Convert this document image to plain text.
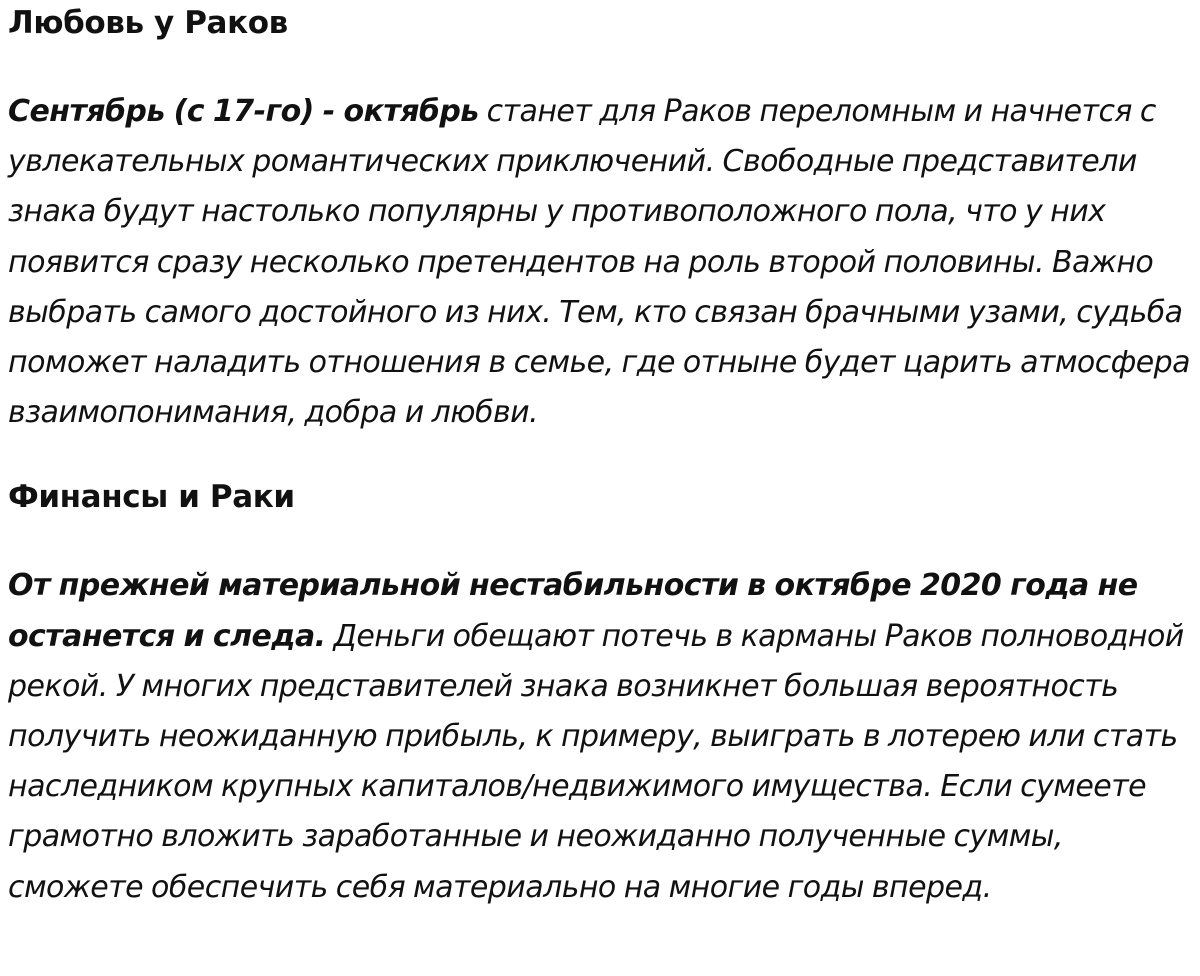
Любовь у Раков

Сентябрь (с 17-го) - октябрь станет для Раков переломным и начнется с увлекательных романтических приключений. Свободные представители знака будут настолько популярны у противоположного пола, что у них появится сразу несколько претендентов на роль второй половины. Важно выбрать самого достойного из них. Тем, кто связан брачными узами, судьба поможет наладить отношения в семье, где отныне будет царить атмосфера взаимопонимания, добра и любви.

Финансы и Раки

От прежней материальной нестабильности в октябре 2020 года не останется и следа. Деньги обещают потечь в карманы Раков полноводной рекой. У многих представителей знака возникнет большая вероятность получить неожиданную прибыль, к примеру, выиграть в лотерею или стать наследником крупных капиталов/недвижимого имущества. Если сумеете грамотно вложить заработанные и неожиданно полученные суммы, сможете обеспечить себя материально на многие годы вперед.
